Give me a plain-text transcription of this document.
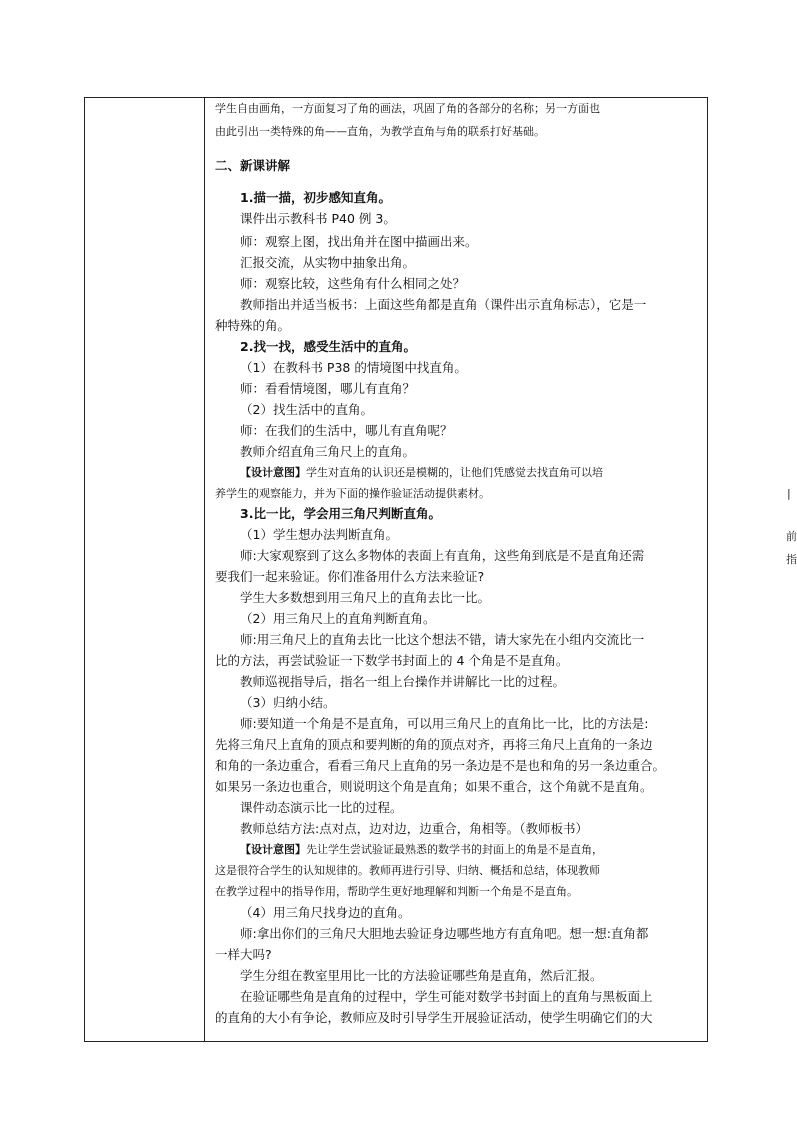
学生自由画角，一方面复习了角的画法，巩固了角的各部分的名称；另一方面也
由此引出一类特殊的角——直角，为教学直角与角的联系打好基础。
二、新课讲解
1.描一描，初步感知直角。
课件出示教科书 P40 例 3。
师：观察上图，找出角并在图中描画出来。
汇报交流，从实物中抽象出角。
师：观察比较，这些角有什么相同之处？
教师指出并适当板书：上面这些角都是直角（课件出示直角标志），它是一
种特殊的角。
2.找一找，感受生活中的直角。
（1）在教科书 P38 的情境图中找直角。
师：看看情境图，哪儿有直角？
（2）找生活中的直角。
师：在我们的生活中，哪儿有直角呢？
教师介绍直角三角尺上的直角。
【设计意图】学生对直角的认识还是模糊的，让他们凭感觉去找直角可以培
养学生的观察能力，并为下面的操作验证活动提供素材。
3.比一比，学会用三角尺判断直角。
（1）学生想办法判断直角。
师:大家观察到了这么多物体的表面上有直角，这些角到底是不是直角还需
要我们一起来验证。你们准备用什么方法来验证?
学生大多数想到用三角尺上的直角去比一比。
（2）用三角尺上的直角判断直角。
师:用三角尺上的直角去比一比这个想法不错，请大家先在小组内交流比一
比的方法，再尝试验证一下数学书封面上的 4 个角是不是直角。
教师巡视指导后，指名一组上台操作并讲解比一比的过程。
（3）归纳小结。
师:要知道一个角是不是直角，可以用三角尺上的直角比一比，比的方法是:
先将三角尺上直角的顶点和要判断的角的顶点对齐，再将三角尺上直角的一条边
和角的一条边重合，看看三角尺上直角的另一条边是不是也和角的另一条边重合。
如果另一条边也重合，则说明这个角是直角；如果不重合，这个角就不是直角。
课件动态演示比一比的过程。
教师总结方法:点对点，边对边，边重合，角相等。（教师板书）
【设计意图】先让学生尝试验证最熟悉的数学书的封面上的角是不是直角，
这是很符合学生的认知规律的。教师再进行引导、归纳、概括和总结，体现教师
在教学过程中的指导作用，帮助学生更好地理解和判断一个角是不是直角。
（4）用三角尺找身边的直角。
师:拿出你们的三角尺大胆地去验证身边哪些地方有直角吧。想一想:直角都
一样大吗?
学生分组在教室里用比一比的方法验证哪些角是直角，然后汇报。
在验证哪些角是直角的过程中，学生可能对数学书封面上的直角与黑板面上
的直角的大小有争论，教师应及时引导学生开展验证活动，使学生明确它们的大
|
前
指
